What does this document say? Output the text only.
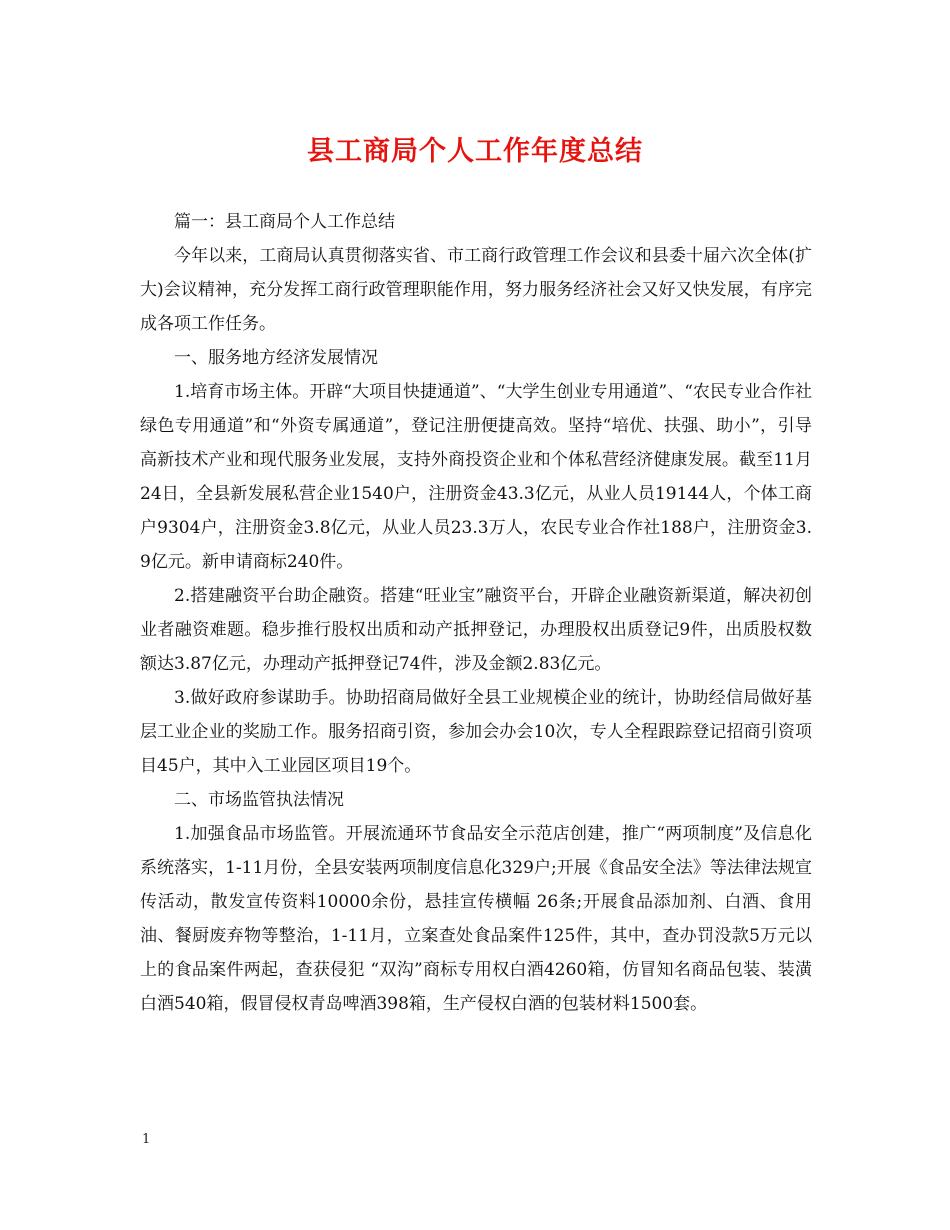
县工商局个人工作年度总结

篇一：县工商局个人工作总结

今年以来，工商局认真贯彻落实省、市工商行政管理工作会议和县委十届六次全体(扩大)会议精神，充分发挥工商行政管理职能作用，努力服务经济社会又好又快发展，有序完成各项工作任务。

一、服务地方经济发展情况

1.培育市场主体。开辟“大项目快捷通道”、“大学生创业专用通道”、“农民专业合作社绿色专用通道”和“外资专属通道”，登记注册便捷高效。坚持“培优、扶强、助小”，引导高新技术产业和现代服务业发展，支持外商投资企业和个体私营经济健康发展。截至11月24日，全县新发展私营企业1540户，注册资金43.3亿元，从业人员19144人，个体工商户9304户，注册资金3.8亿元，从业人员23.3万人，农民专业合作社188户，注册资金3.9亿元。新申请商标240件。

2.搭建融资平台助企融资。搭建“旺业宝”融资平台，开辟企业融资新渠道，解决初创业者融资难题。稳步推行股权出质和动产抵押登记，办理股权出质登记9件，出质股权数额达3.87亿元，办理动产抵押登记74件，涉及金额2.83亿元。

3.做好政府参谋助手。协助招商局做好全县工业规模企业的统计，协助经信局做好基层工业企业的奖励工作。服务招商引资，参加会办会10次，专人全程跟踪登记招商引资项目45户，其中入工业园区项目19个。

二、市场监管执法情况

1.加强食品市场监管。开展流通环节食品安全示范店创建，推广“两项制度”及信息化系统落实，1-11月份，全县安装两项制度信息化329户;开展《食品安全法》等法律法规宣传活动，散发宣传资料10000余份，悬挂宣传横幅 26条;开展食品添加剂、白酒、食用油、餐厨废弃物等整治，1-11月，立案查处食品案件125件，其中，查办罚没款5万元以上的食品案件两起，查获侵犯 “双沟”商标专用权白酒4260箱，仿冒知名商品包装、装潢白酒540箱，假冒侵权青岛啤酒398箱，生产侵权白酒的包装材料1500套。

1
